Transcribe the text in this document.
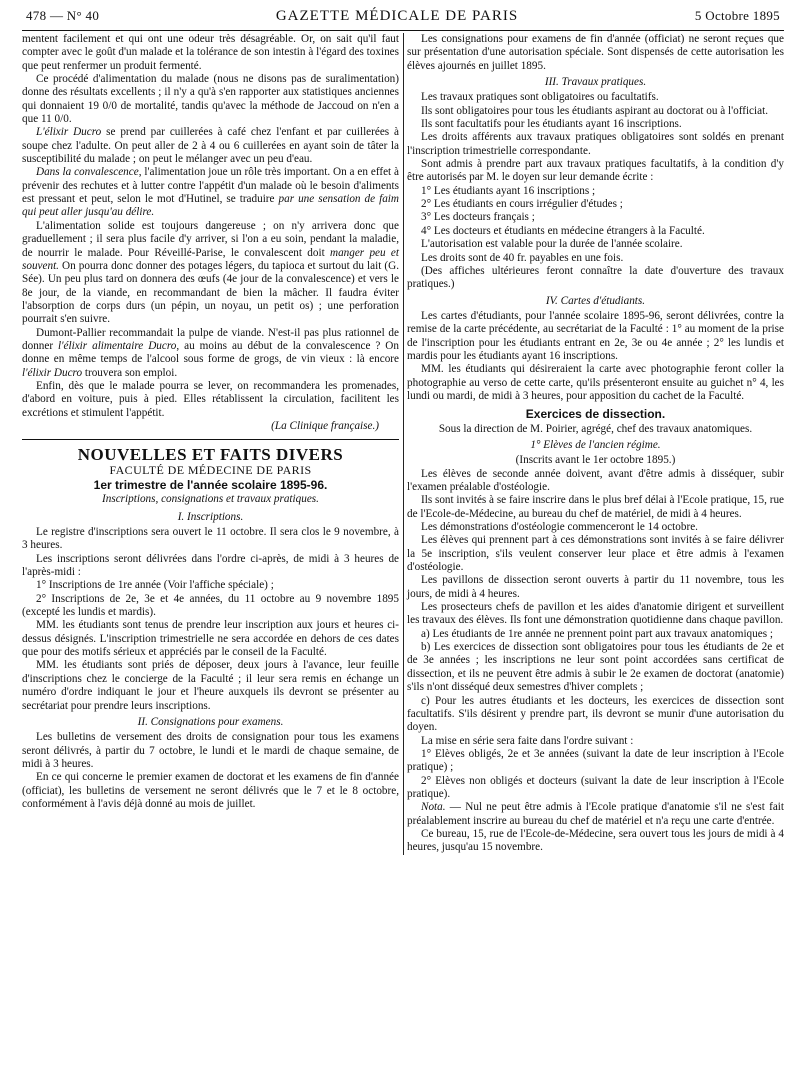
478 — N° 40	GAZETTE MÉDICALE DE PARIS	5 Octobre 1895

mentent facilement et qui ont une odeur très désagréable. Or, on sait qu'il faut compter avec le goût d'un malade et la tolérance de son intestin à l'égard des toxines que peut renfermer un produit fermenté.

Ce procédé d'alimentation du malade (nous ne disons pas de suralimentation) donne des résultats excellents ; il n'y a qu'à s'en rapporter aux statistiques anciennes qui donnaient 19 0/0 de mortalité, tandis qu'avec la méthode de Jaccoud on n'en a que 11 0/0.

L'élixir Ducro se prend par cuillerées à café chez l'enfant et par cuillerées à soupe chez l'adulte. On peut aller de 2 à 4 ou 6 cuillerées en ayant soin de tâter la susceptibilité du malade ; on peut le mélanger avec un peu d'eau.

Dans la convalescence, l'alimentation joue un rôle très important. On a en effet à prévenir des rechutes et à lutter contre l'appétit d'un malade où le besoin d'aliments est pressant et peut, selon le mot d'Hutinel, se traduire par une sensation de faim qui peut aller jusqu'au délire.

L'alimentation solide est toujours dangereuse ; on n'y arrivera donc que graduellement ; il sera plus facile d'y arriver, si l'on a eu soin, pendant la maladie, de nourrir le malade. Pour Réveillé-Parise, le convalescent doit manger peu et souvent. On pourra donc donner des potages légers, du tapioca et surtout du lait (G. Sée). Un peu plus tard on donnera des œufs (4e jour de la convalescence) et vers le 8e jour, de la viande, en recommandant de bien la mâcher. Il faudra éviter l'absorption de corps durs (un pépin, un noyau, un petit os) ; une perforation pourrait s'en suivre.

Dumont-Pallier recommandait la pulpe de viande. N'est-il pas plus rationnel de donner l'élixir alimentaire Ducro, au moins au début de la convalescence ? On donne en même temps de l'alcool sous forme de grogs, de vin vieux : là encore l'élixir Ducro trouvera son emploi.

Enfin, dès que le malade pourra se lever, on recommandera les promenades, d'abord en voiture, puis à pied. Elles rétablissent la circulation, facilitent les excrétions et stimulent l'appétit.

(La Clinique française.)

NOUVELLES ET FAITS DIVERS
FACULTÉ DE MÉDECINE DE PARIS
1er trimestre de l'année scolaire 1895-96.
Inscriptions, consignations et travaux pratiques.
I. Inscriptions.

Le registre d'inscriptions sera ouvert le 11 octobre. Il sera clos le 9 novembre, à 3 heures.

Les inscriptions seront délivrées dans l'ordre ci-après, de midi à 3 heures de l'après-midi :

1° Inscriptions de 1re année (Voir l'affiche spéciale) ;

2° Inscriptions de 2e, 3e et 4e années, du 11 octobre au 9 novembre 1895 (excepté les lundis et mardis).

MM. les étudiants sont tenus de prendre leur inscription aux jours et heures ci-dessus désignés. L'inscription trimestrielle ne sera accordée en dehors de ces dates que pour des motifs sérieux et appréciés par le conseil de la Faculté.

MM. les étudiants sont priés de déposer, deux jours à l'avance, leur feuille d'inscriptions chez le concierge de la Faculté ; il leur sera remis en échange un numéro d'ordre indiquant le jour et l'heure auxquels ils devront se présenter au secrétariat pour prendre leurs inscriptions.

II. Consignations pour examens.

Les bulletins de versement des droits de consignation pour tous les examens seront délivrés, à partir du 7 octobre, le lundi et le mardi de chaque semaine, de midi à 3 heures.

En ce qui concerne le premier examen de doctorat et les examens de fin d'année (officiat), les bulletins de versement ne seront délivrés que le 7 et le 8 octobre, conformément à l'avis déjà donné au mois de juillet.

Les consignations pour examens de fin d'année (officiat) ne seront reçues que sur présentation d'une autorisation spéciale. Sont dispensés de cette autorisation les élèves ajournés en juillet 1895.

III. Travaux pratiques.

Les travaux pratiques sont obligatoires ou facultatifs.

Ils sont obligatoires pour tous les étudiants aspirant au doctorat ou à l'officiat.

Ils sont facultatifs pour les étudiants ayant 16 inscriptions.

Les droits afférents aux travaux pratiques obligatoires sont soldés en prenant l'inscription trimestrielle correspondante.

Sont admis à prendre part aux travaux pratiques facultatifs, à la condition d'y être autorisés par M. le doyen sur leur demande écrite :

1° Les étudiants ayant 16 inscriptions ;

2° Les étudiants en cours irrégulier d'études ;

3° Les docteurs français ;

4° Les docteurs et étudiants en médecine étrangers à la Faculté.

L'autorisation est valable pour la durée de l'année scolaire.

Les droits sont de 40 fr. payables en une fois.

(Des affiches ultérieures feront connaître la date d'ouverture des travaux pratiques.)

IV. Cartes d'étudiants.

Les cartes d'étudiants, pour l'année scolaire 1895-96, seront délivrées, contre la remise de la carte précédente, au secrétariat de la Faculté : 1° au moment de la prise de l'inscription pour les étudiants entrant en 2e, 3e ou 4e année ; 2° les lundis et mardis pour les étudiants ayant 16 inscriptions.

MM. les étudiants qui désireraient la carte avec photographie feront coller la photographie au verso de cette carte, qu'ils présenteront ensuite au guichet n° 4, les lundi ou mardi, de midi à 3 heures, pour apposition du cachet de la Faculté.

Exercices de dissection.

Sous la direction de M. Poirier, agrégé, chef des travaux anatomiques.

1° Elèves de l'ancien régime.

(Inscrits avant le 1er octobre 1895.)

Les élèves de seconde année doivent, avant d'être admis à disséquer, subir l'examen préalable d'ostéologie.

Ils sont invités à se faire inscrire dans le plus bref délai à l'Ecole pratique, 15, rue de l'Ecole-de-Médecine, au bureau du chef de matériel, de midi à 4 heures.

Les démonstrations d'ostéologie commenceront le 14 octobre.

Les élèves qui prennent part à ces démonstrations sont invités à se faire délivrer la 5e inscription, s'ils veulent conserver leur place et être admis à l'examen d'ostéologie.

Les pavillons de dissection seront ouverts à partir du 11 novembre, tous les jours, de midi à 4 heures.

Les prosecteurs chefs de pavillon et les aides d'anatomie dirigent et surveillent les travaux des élèves. Ils font une démonstration quotidienne dans chaque pavillon.

a) Les étudiants de 1re année ne prennent point part aux travaux anatomiques ;

b) Les exercices de dissection sont obligatoires pour tous les étudiants de 2e et de 3e années ; les inscriptions ne leur sont point accordées sans certificat de dissection, et ils ne peuvent être admis à subir le 2e examen de doctorat (anatomie) s'ils n'ont disséqué deux semestres d'hiver complets ;

c) Pour les autres étudiants et les docteurs, les exercices de dissection sont facultatifs. S'ils désirent y prendre part, ils devront se munir d'une autorisation du doyen.

La mise en série sera faite dans l'ordre suivant :

1° Elèves obligés, 2e et 3e années (suivant la date de leur inscription à l'Ecole pratique) ;

2° Elèves non obligés et docteurs (suivant la date de leur inscription à l'Ecole pratique).

Nota. — Nul ne peut être admis à l'Ecole pratique d'anatomie s'il ne s'est fait préalablement inscrire au bureau du chef de matériel et n'a reçu une carte d'entrée.

Ce bureau, 15, rue de l'Ecole-de-Médecine, sera ouvert tous les jours de midi à 4 heures, jusqu'au 15 novembre.
